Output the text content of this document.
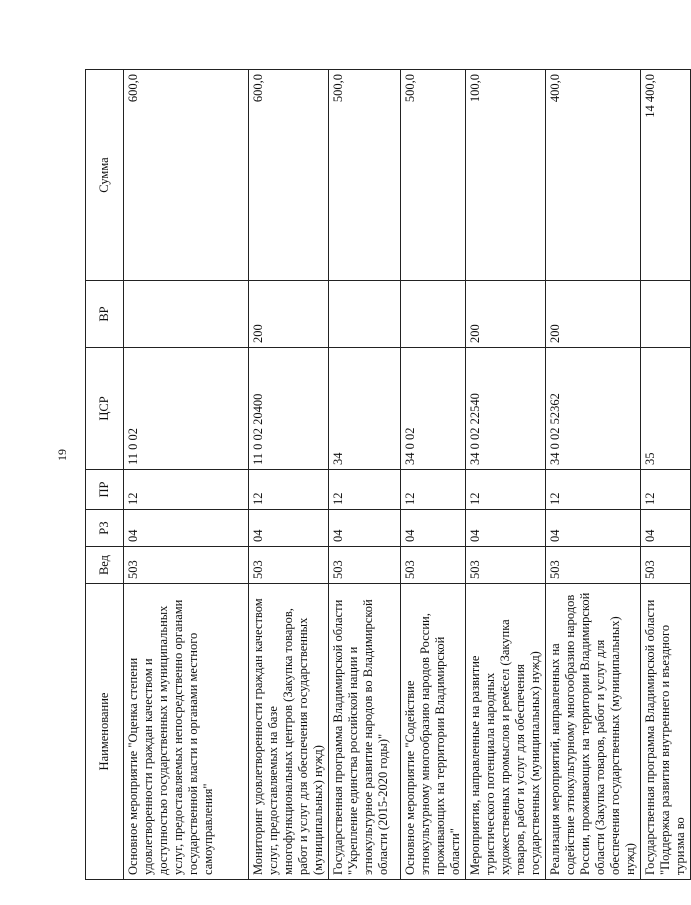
19
Наименование	Вед	РЗ	ПР	ЦСР	ВР	Сумма
Основное мероприятие "Оценка степени удовлетворенности граждан качеством и доступностью государственных и муниципальных услуг, предоставляемых непосредственно органами государственной власти и органами местного самоуправления"	503	04	12	11 0 02		600,0
Мониторинг удовлетворенности граждан качеством услуг, предоставляемых на базе многофункциональных центров (Закупка товаров, работ и услуг для обеспечения государственных (муниципальных) нужд)	503	04	12	11 0 02 20400	200	600,0
Государственная программа Владимирской области "Укрепление единства российской нации и этнокультурное развитие народов во Владимирской области (2015-2020 годы)"	503	04	12	34		500,0
Основное мероприятие "Содействие этнокультурному многообразию народов России, проживающих на территории Владимирской области"	503	04	12	34 0 02		500,0
Мероприятия, направленные на развитие туристического потенциала народных художественных промыслов и ремёсел (Закупка товаров, работ и услуг для обеспечения государственных (муниципальных) нужд)	503	04	12	34 0 02 22540	200	100,0
Реализация мероприятий, направленных на содействие этнокультурному многообразию народов России, проживающих на территории Владимирской области (Закупка товаров, работ и услуг для обеспечения государственных (муниципальных) нужд)	503	04	12	34 0 02 52362	200	400,0
Государственная программа Владимирской области "Поддержка развития внутреннего и въездного туризма во	503	04	12	35		14 400,0
